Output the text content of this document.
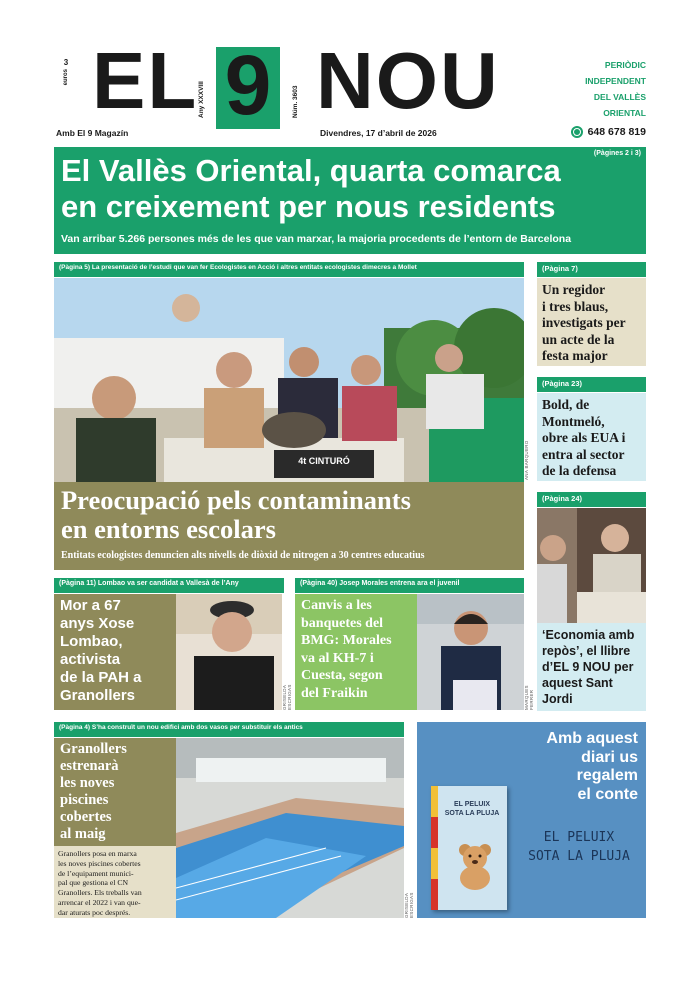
3
euros EL Any XXXVIII 9	Núm. 3603 NOU	PERIÒDIC
INDEPENDENT
DEL VALLÈS
ORIENTAL
Amb El 9 Magazín	Divendres, 17 d’abril de 2026	648 678 819
(Pàgines 2 i 3)
El Vallès Oriental, quarta comarca
en creixement per nous residents
Van arribar 5.266 persones més de les que van marxar, la majoria procedents de l’entorn de Barcelona
(Pàgina 5) La presentació de l’estudi que van fer Ecologistes en Acció i altres entitats ecologistes dimecres a Mollet
4t CINTURÓ	ANA BARQUERO
Preocupació pels contaminants
en entorns escolars
Entitats ecologistes denuncien alts nivells de diòxid de nitrogen a 30 centres educatius
(Pàgina 7)
Un regidor
i tres blaus,
investigats per
un acte de la
festa major
(Pàgina 23)
Bold, de
Montmeló,
obre als EUA i
entra al sector
de la defensa
(Pàgina 24)
‘Economia amb
repòs’, el llibre
d’EL 9 NOU per
aquest Sant
Jordi
(Pàgina 11) Lombao va ser candidat a Vallesà de l’Any
Mor a 67
anys Xose
Lombao,
activista
de la PAH a
Granollers	GRISELDA ESCRIGAS
(Pàgina 40) Josep Morales entrena ara el juvenil
Canvis a les
banquetes del
BMG: Morales
va al KH-7 i
Cuesta, segon
del Fraikin	MARQUES FERRER
(Pàgina 4) S’ha construït un nou edifici amb dos vasos per substituir els antics
Granollers
estrenarà
les noves
piscines
cobertes
al maig
Granollers posa en marxa
les noves piscines cobertes
de l’equipament munici-
pal que gestiona el CN
Granollers. Els treballs van
arrencar el 2022 i van que-
dar aturats poc després.	GRISELDA ESCRIGAS
Amb aquest
diari us
regalem
el conte
EL PELUIX
SOTA LA PLUJA
EL PELUIX
SOTA LA PLUJA
